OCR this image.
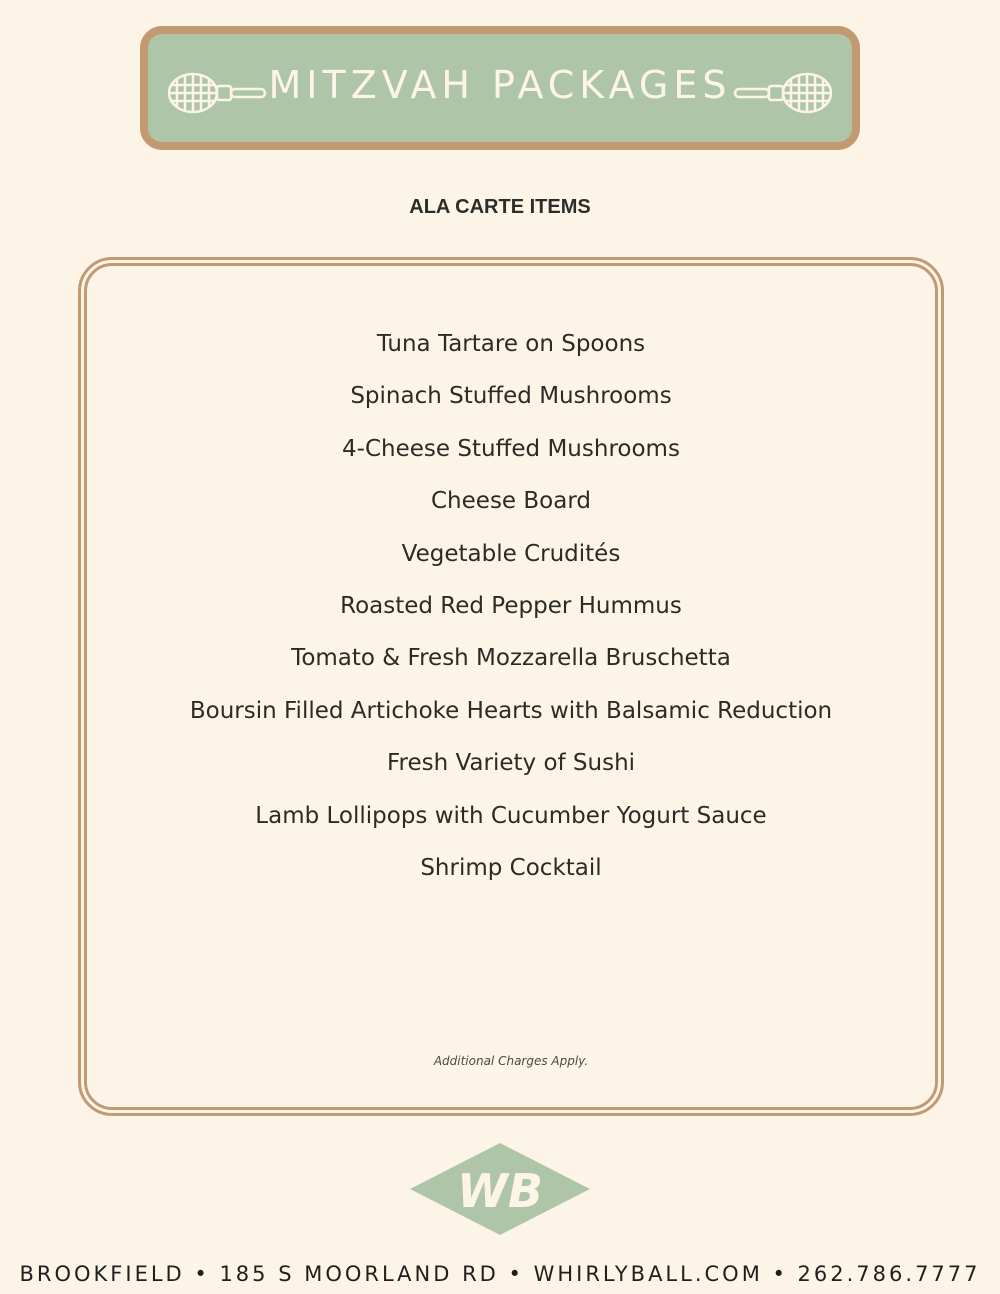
MITZVAH PACKAGES
ALA CARTE ITEMS
Tuna Tartare on Spoons
Spinach Stuffed Mushrooms
4-Cheese Stuffed Mushrooms
Cheese Board
Vegetable Crudités
Roasted Red Pepper Hummus
Tomato & Fresh Mozzarella Bruschetta
Boursin Filled Artichoke Hearts with Balsamic Reduction
Fresh Variety of Sushi
Lamb Lollipops with Cucumber Yogurt Sauce
Shrimp Cocktail
Additional Charges Apply.
WB
BROOKFIELD • 185 S MOORLAND RD • WHIRLYBALL.COM • 262.786.7777
